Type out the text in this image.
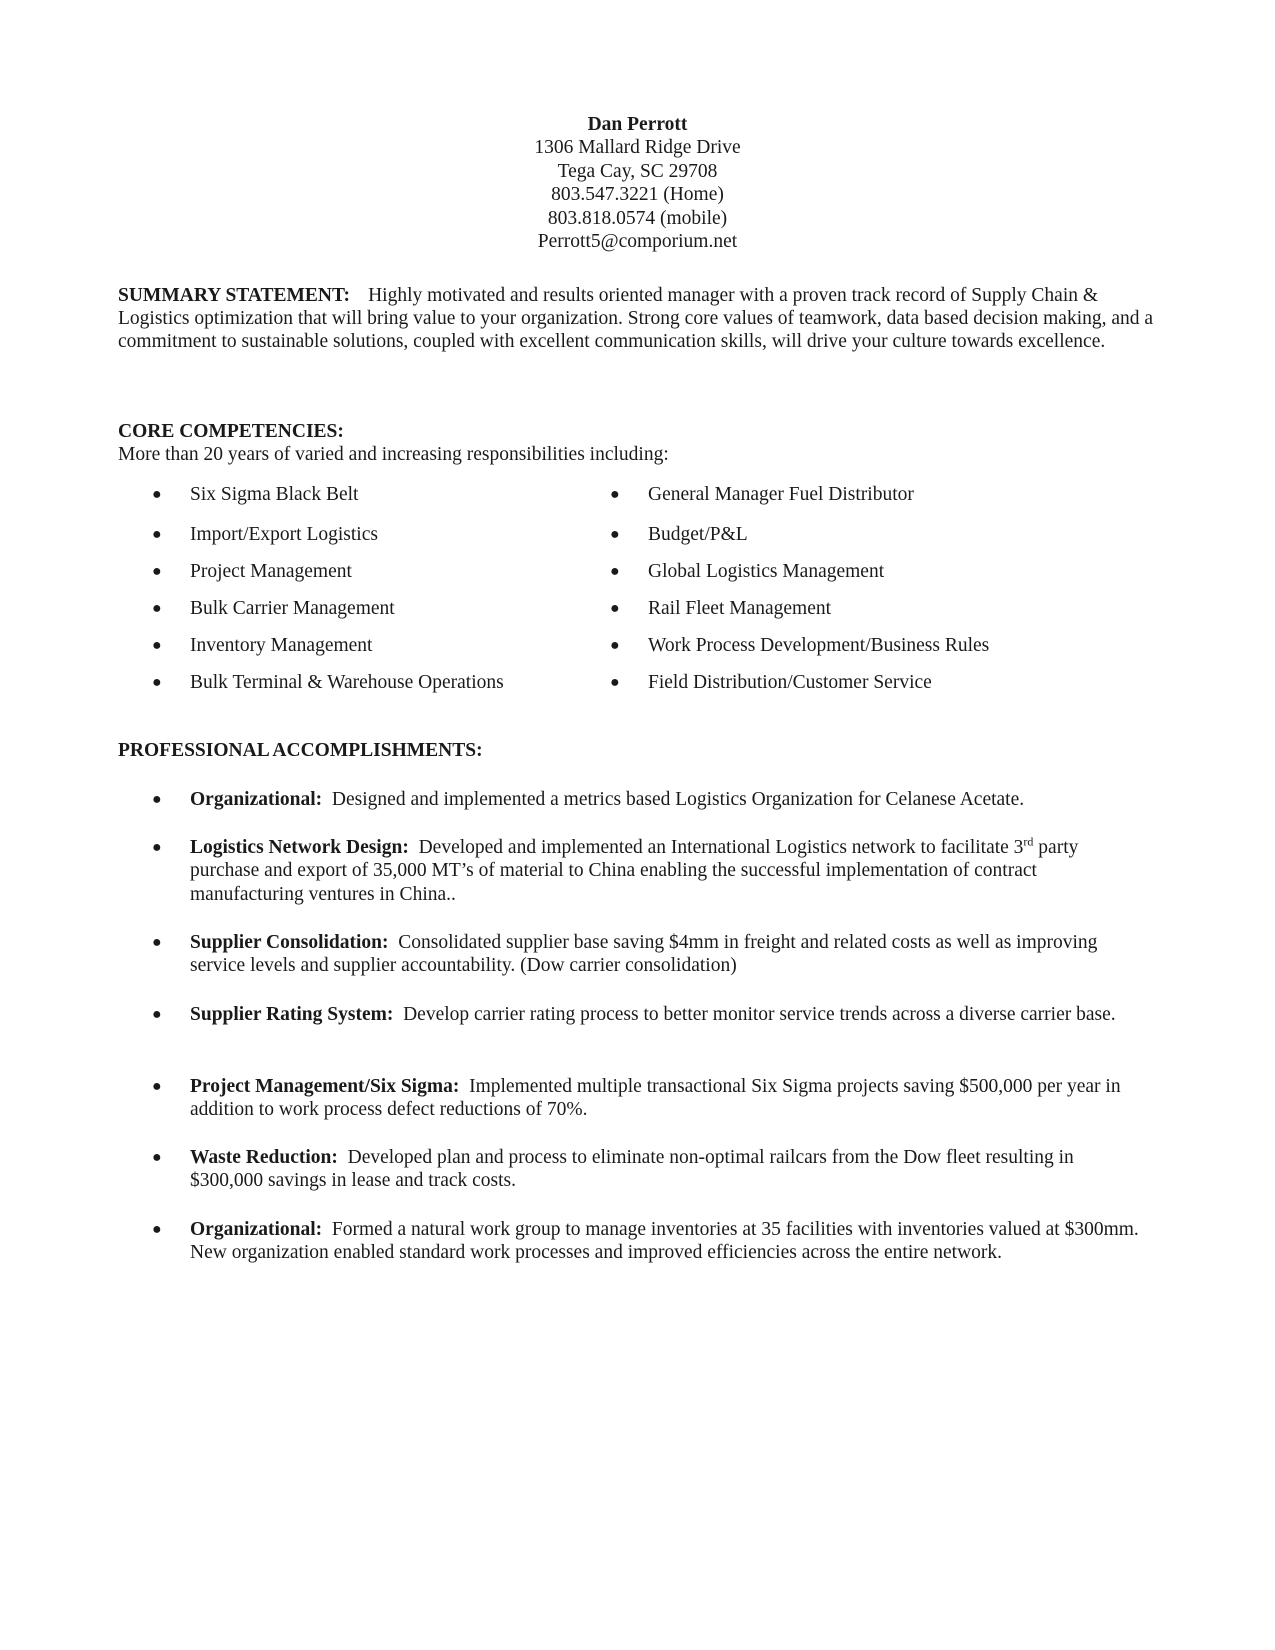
Dan Perrott
1306 Mallard Ridge Drive
Tega Cay, SC 29708
803.547.3221 (Home)
803.818.0574 (mobile)
Perrott5@comporium.net
SUMMARY STATEMENT: Highly motivated and results oriented manager with a proven track record of Supply Chain & Logistics optimization that will bring value to your organization. Strong core values of teamwork, data based decision making, and a commitment to sustainable solutions, coupled with excellent communication skills, will drive your culture towards excellence.
CORE COMPETENCIES:
More than 20 years of varied and increasing responsibilities including:
● Six Sigma Black Belt	● General Manager Fuel Distributor
● Import/Export Logistics	● Budget/P&L
● Project Management	● Global Logistics Management
● Bulk Carrier Management	● Rail Fleet Management
● Inventory Management	● Work Process Development/Business Rules
● Bulk Terminal & Warehouse Operations	● Field Distribution/Customer Service
PROFESSIONAL ACCOMPLISHMENTS:
● Organizational: Designed and implemented a metrics based Logistics Organization for Celanese Acetate.
● Logistics Network Design: Developed and implemented an International Logistics network to facilitate 3rd party purchase and export of 35,000 MT’s of material to China enabling the successful implementation of contract manufacturing ventures in China..
● Supplier Consolidation: Consolidated supplier base saving $4mm in freight and related costs as well as improving service levels and supplier accountability. (Dow carrier consolidation)
● Supplier Rating System: Develop carrier rating process to better monitor service trends across a diverse carrier base.
● Project Management/Six Sigma: Implemented multiple transactional Six Sigma projects saving $500,000 per year in addition to work process defect reductions of 70%.
● Waste Reduction: Developed plan and process to eliminate non-optimal railcars from the Dow fleet resulting in $300,000 savings in lease and track costs.
● Organizational: Formed a natural work group to manage inventories at 35 facilities with inventories valued at $300mm. New organization enabled standard work processes and improved efficiencies across the entire network.
